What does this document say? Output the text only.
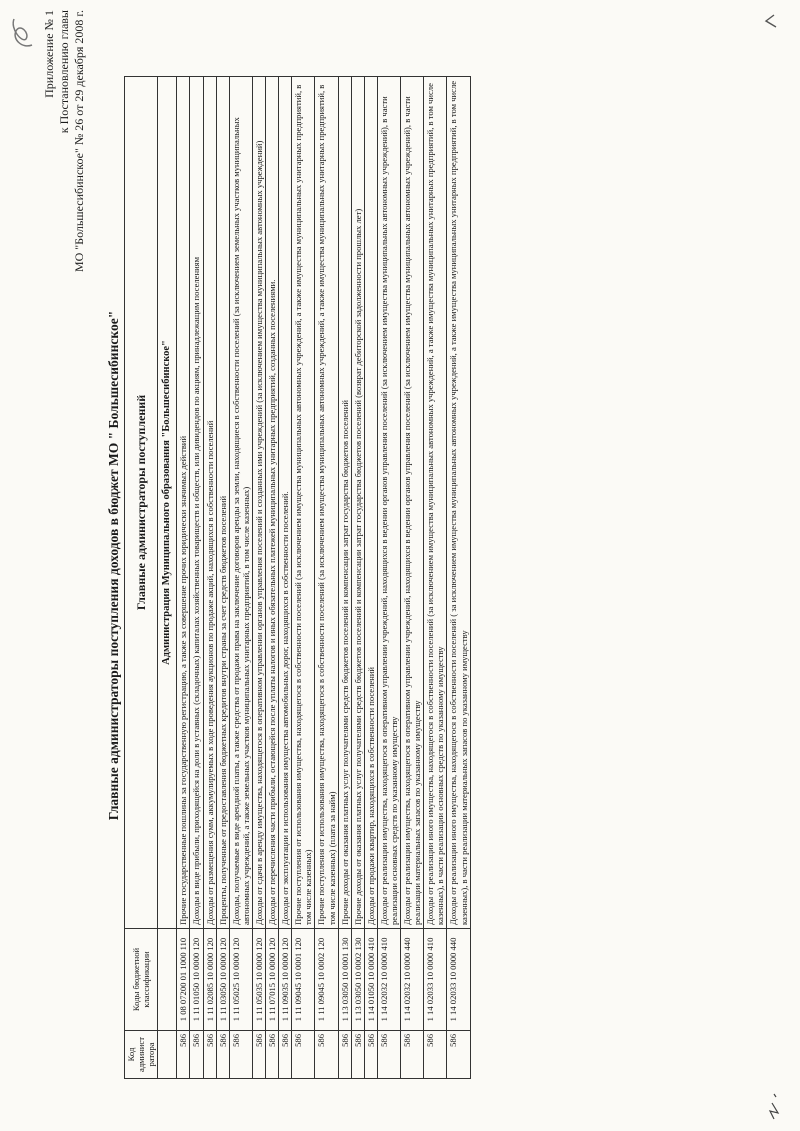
Приложение № 1 к Постановлению главы МО "Большесибинское" № 26 от 29 декабря 2008 г.
Главные администраторы поступления доходов в бюджет МО " Большесибинское"
Код админист ратора	Коды бюджетной классификации	Главные администраторы поступлений
		Администрация Муниципального образования "Большесибинское"
586	1 08 07200 01 1000 110	Прочие государственные пошлины за государственную регистрацию, а также за совершение прочих юридически значимых действий
586	1 11 01050 10 0000 120	Доходы в виде прибыли, приходящейся на доли в уставных (складочных) капиталах хозяйственных товариществ и обществ, или дивидендов по акциям, принадлежащим поселениям
586	1 11 02085 10 0000 120	Доходы от размещения сумм, аккумулируемых в ходе проведения аукционов по продаже акций, находящихся в собственности поселений
586	1 11 03050 10 0000 120	Проценты, полученные от предоставления бюджетных кредитов внутри страны за счет средств бюджетов поселений
586	1 11 05025 10 0000 120	Доходы, получаемые в виде арендной платы, а также средства от продажи права на заключение договоров аренды за земли, находящиеся в собственности поселений (за исключением земельных участков муниципальных автономных учреждений, а также земельных участков муниципальных унитарных предприятий, в том числе казенных)
586	1 11 05035 10 0000 120	Доходы от сдачи в аренду имущества, находящегося в оперативном управлении органов управления поселений и созданных ими учреждений (за исключением имущества муниципальных автономных учреждений)
586	1 11 07015 10 0000 120	Доходы от перечисления части прибыли, остающейся после уплаты налогов и иных обязательных платежей муниципальных унитарных предприятий, созданных поселениями.
586	1 11 09035 10 0000 120	Доходы от эксплуатации и использования имущества автомобильных дорог, находящихся в собственности поселений.
586	1 11 09045 10 0001 120	Прочие поступления от использования имущества, находящегося в собственности поселений (за исключением имущества муниципальных автономных учреждений, а также имущества муниципальных унитарных предприятий, в том числе казенных)
586	1 11 09045 10 0002 120	Прочие поступления от использования имущества, находящегося в собственности поселений (за исключением имущества муниципальных автономных учреждений, а также имущества муниципальных унитарных предприятий, в том числе казенных) (плата за найм)
586	1 13 03050 10 0001 130	Прочие доходы от оказания платных услуг получателями средств бюджетов поселений и компенсации затрат государства бюджетов поселений
586	1 13 03050 10 0002 130	Прочие доходы от оказания платных услуг получателями средств бюджетов поселений и компенсации затрат государства бюджетов поселений (возврат дебиторской задолженности прошлых лет)
586	1 14 01050 10 0000 410	Доходы от продажи квартир, находящихся в собственности поселений
586	1 14 02032 10 0000 410	Доходы от реализации имущества, находящегося в оперативном управлении учреждений, находящихся в ведении органов управления поселений (за исключением имущества муниципальных автономных учреждений), в части реализации основных средств по указанному имуществу
586	1 14 02032 10 0000 440	Доходы от реализации имущества, находящегося в оперативном управлении учреждений, находящихся в ведении органов управления поселений (за исключением имущества муниципальных автономных учреждений), в части реализации материальных запасов по указанному имуществу
586	1 14 02033 10 0000 410	Доходы от реализации иного имущества, находящегося в собственности поселений (за исключением имущества муниципальных автономных учреждений, а также имущества муниципальных унитарных предприятий, в том числе казенных), в части реализации основных средств по указанному имуществу
586	1 14 02033 10 0000 440	Доходы от реализации иного имущества, находящегося в собственности поселений ( за исключением имущества муниципальных автономных учреждений, а также имущества муниципальных унитарных предприятий, в том числе казенных), в части реализации материальных запасов по указанному имуществу
